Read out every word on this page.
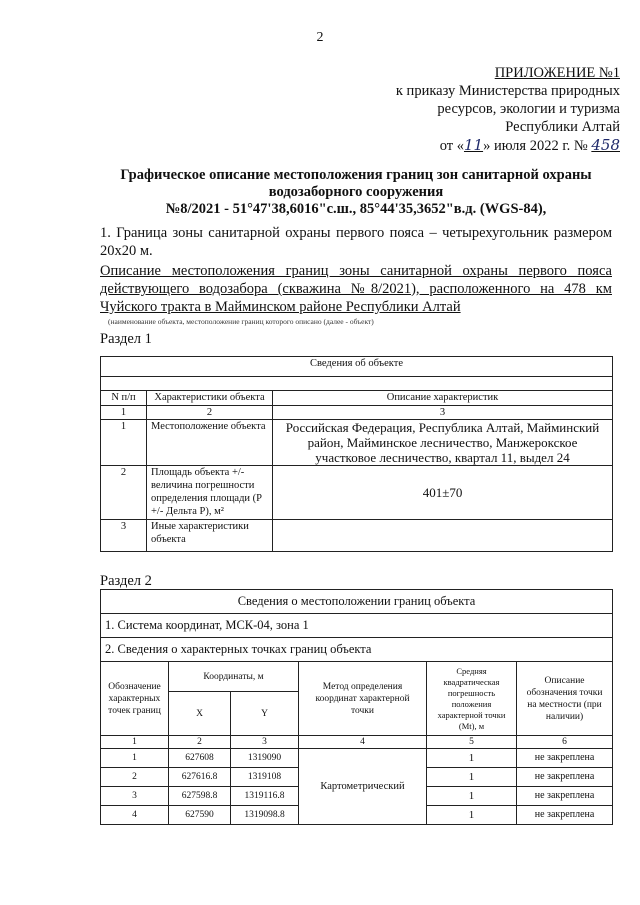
2
ПРИЛОЖЕНИЕ №1
к приказу Министерства природных
ресурсов, экологии и туризма
Республики Алтай
от «11» июля 2022 г. № 458
Графическое описание местоположения границ зон санитарной охраны
водозаборного сооружения
№8/2021 - 51°47'38,6016"с.ш., 85°44'35,3652"в.д. (WGS-84),
1. Граница зоны санитарной охраны первого пояса – четырехугольник размером 20х20 м.
Описание местоположения границ зоны санитарной охраны первого пояса действующего водозабора (скважина №8/2021), расположенного на 478 км Чуйского тракта в Майминском районе Республики Алтай
(наименование объекта, местоположение границ которого описано (далее - объект)
Раздел 1
Сведения об объекте		

N п/п	Характеристики объекта	Описание характеристик
1	2	3
1	Местоположение объекта	Российская Федерация, Республика Алтай, Майминский район, Майминское лесничество, Манжерокское участковое лесничество, квартал 11, выдел 24
2	Площадь объекта +/- величина погрешности определения площади (P +/- Дельта P), м²	401±70
3	Иные характеристики объекта	
Раздел 2
Сведения о местоположении границ объекта					
1. Система координат, МСК-04, зона 1					
2. Сведения о характерных точках границ объекта					
Обозначение характерных точек границ	Координаты, м		Метод определения координат характерной точки	Средняя квадратическая погрешность положения характерной точки (Mt), м	Описание обозначения точки на местности (при наличии)
	X	Y			
1	2	3	4	5	6
1	627608	1319090	Картометрический	1	не закреплена
2	627616.8	1319108		1	не закреплена
3	627598.8	1319116.8		1	не закреплена
4	627590	1319098.8		1	не закреплена
